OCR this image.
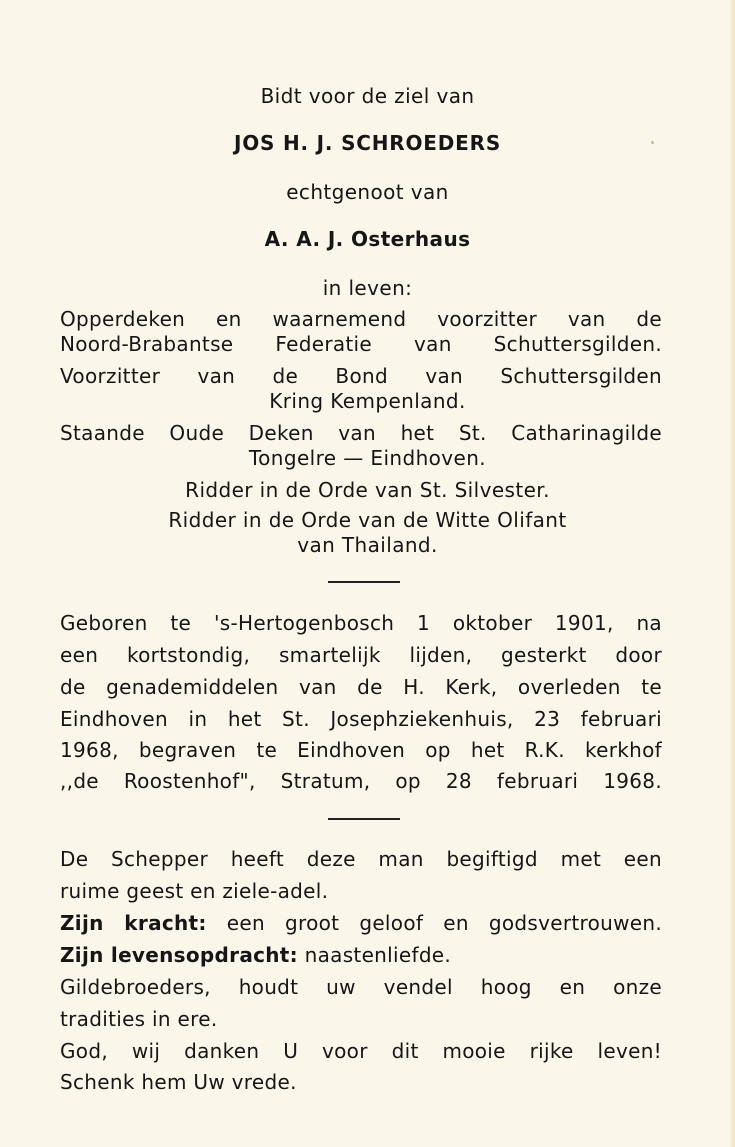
Bidt voor de ziel van
JOS H. J. SCHROEDERS
echtgenoot van
A. A. J. Osterhaus
in leven:
Opperdeken en waarnemend voorzitter van de
Noord-Brabantse Federatie van Schuttersgilden.
Voorzitter van de Bond van Schuttersgilden
Kring Kempenland.
Staande Oude Deken van het St. Catharinagilde
Tongelre — Eindhoven.
Ridder in de Orde van St. Silvester.
Ridder in de Orde van de Witte Olifant
van Thailand.
Geboren te 's-Hertogenbosch 1 oktober 1901, na
een kortstondig, smartelijk lijden, gesterkt door
de genademiddelen van de H. Kerk, overleden te
Eindhoven in het St. Josephziekenhuis, 23 februari
1968, begraven te Eindhoven op het R.K. kerkhof
,,de Roostenhof", Stratum, op 28 februari 1968.
De Schepper heeft deze man begiftigd met een
ruime geest en ziele-adel.
Zijn kracht: een groot geloof en godsvertrouwen.
Zijn levensopdracht: naastenliefde.
Gildebroeders, houdt uw vendel hoog en onze
tradities in ere.
God, wij danken U voor dit mooie rijke leven!
Schenk hem Uw vrede.
